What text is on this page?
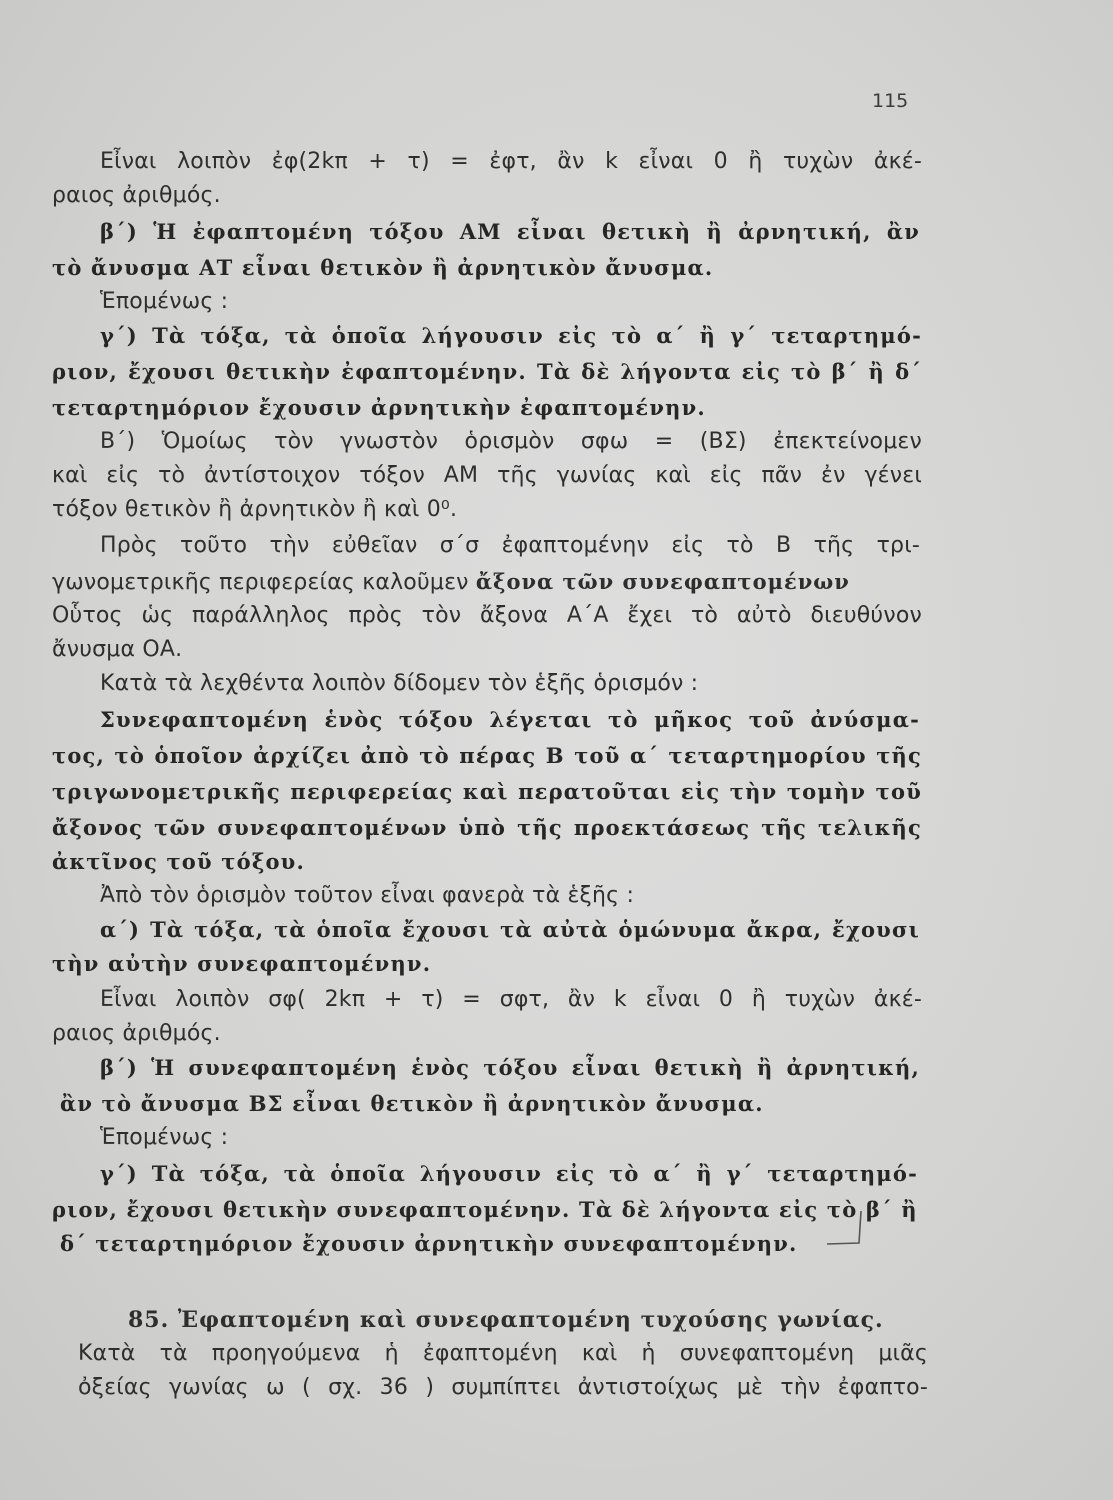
115
Εἶναι λοιπὸν ἐφ(2kπ + τ) = ἐφτ, ἂν k εἶναι 0 ἢ τυχὼν ἀκέ-
ραιος ἀριθμός.
β΄) Ἡ ἐφαπτομένη τόξου ΑΜ εἶναι θετικὴ ἢ ἀρνητική, ἂν
τὸ ἄνυσμα ΑΤ εἶναι θετικὸν ἢ ἀρνητικὸν ἄνυσμα.
Ἑπομένως :
γ΄) Τὰ τόξα, τὰ ὁποῖα λήγουσιν εἰς τὸ α΄ ἢ γ΄ τεταρτημό-
ριον, ἔχουσι θετικὴν ἐφαπτομένην. Τὰ δὲ λήγοντα εἰς τὸ β΄ ἢ δ΄
τεταρτημόριον ἔχουσιν ἀρνητικὴν ἐφαπτομένην.
Β΄) Ὁμοίως τὸν γνωστὸν ὁρισμὸν σφω = (ΒΣ) ἐπεκτείνομεν
καὶ εἰς τὸ ἀντίστοιχον τόξον ΑΜ τῆς γωνίας καὶ εἰς πᾶν ἐν γένει
τόξον θετικὸν ἢ ἀρνητικὸν ἢ καὶ 0⁰.
Πρὸς τοῦτο τὴν εὐθεῖαν σ΄σ ἐφαπτομένην εἰς τὸ Β τῆς τρι-
γωνομετρικῆς περιφερείας καλοῦμεν ἄξονα τῶν συνεφαπτομένων
Οὗτος ὡς παράλληλος πρὸς τὸν ἄξονα Α΄Α ἔχει τὸ αὐτὸ διευθύνον
ἄνυσμα ΟΑ.
Κατὰ τὰ λεχθέντα λοιπὸν δίδομεν τὸν ἑξῆς ὁρισμόν :
Συνεφαπτομένη ἑνὸς τόξου λέγεται τὸ μῆκος τοῦ ἀνύσμα-
τος, τὸ ὁποῖον ἀρχίζει ἀπὸ τὸ πέρας Β τοῦ α΄ τεταρτημορίου τῆς
τριγωνομετρικῆς περιφερείας καὶ περατοῦται εἰς τὴν τομὴν τοῦ
ἄξονος τῶν συνεφαπτομένων ὑπὸ τῆς προεκτάσεως τῆς τελικῆς
ἀκτῖνος τοῦ τόξου.
Ἀπὸ τὸν ὁρισμὸν τοῦτον εἶναι φανερὰ τὰ ἑξῆς :
α΄) Τὰ τόξα, τὰ ὁποῖα ἔχουσι τὰ αὐτὰ ὁμώνυμα ἄκρα, ἔχουσι
τὴν αὐτὴν συνεφαπτομένην.
Εἶναι λοιπὸν σφ( 2kπ + τ) = σφτ, ἂν k εἶναι 0 ἢ τυχὼν ἀκέ-
ραιος ἀριθμός.
β΄) Ἡ συνεφαπτομένη ἑνὸς τόξου εἶναι θετικὴ ἢ ἀρνητική,
ἂν τὸ ἄνυσμα ΒΣ εἶναι θετικὸν ἢ ἀρνητικὸν ἄνυσμα.
Ἑπομένως :
γ΄) Τὰ τόξα, τὰ ὁποῖα λήγουσιν εἰς τὸ α΄ ἢ γ΄ τεταρτημό-
ριον, ἔχουσι θετικὴν συνεφαπτομένην. Τὰ δὲ λήγοντα εἰς τὸ β΄ ἢ
δ΄ τεταρτημόριον ἔχουσιν ἀρνητικὴν συνεφαπτομένην.
85. Ἐφαπτομένη καὶ συνεφαπτομένη τυχούσης γωνίας.
Κατὰ τὰ προηγούμενα ἡ ἐφαπτομένη καὶ ἡ συνεφαπτομένη μιᾶς
ὀξείας γωνίας ω ( σχ. 36 ) συμπίπτει ἀντιστοίχως μὲ τὴν ἐφαπτο-
